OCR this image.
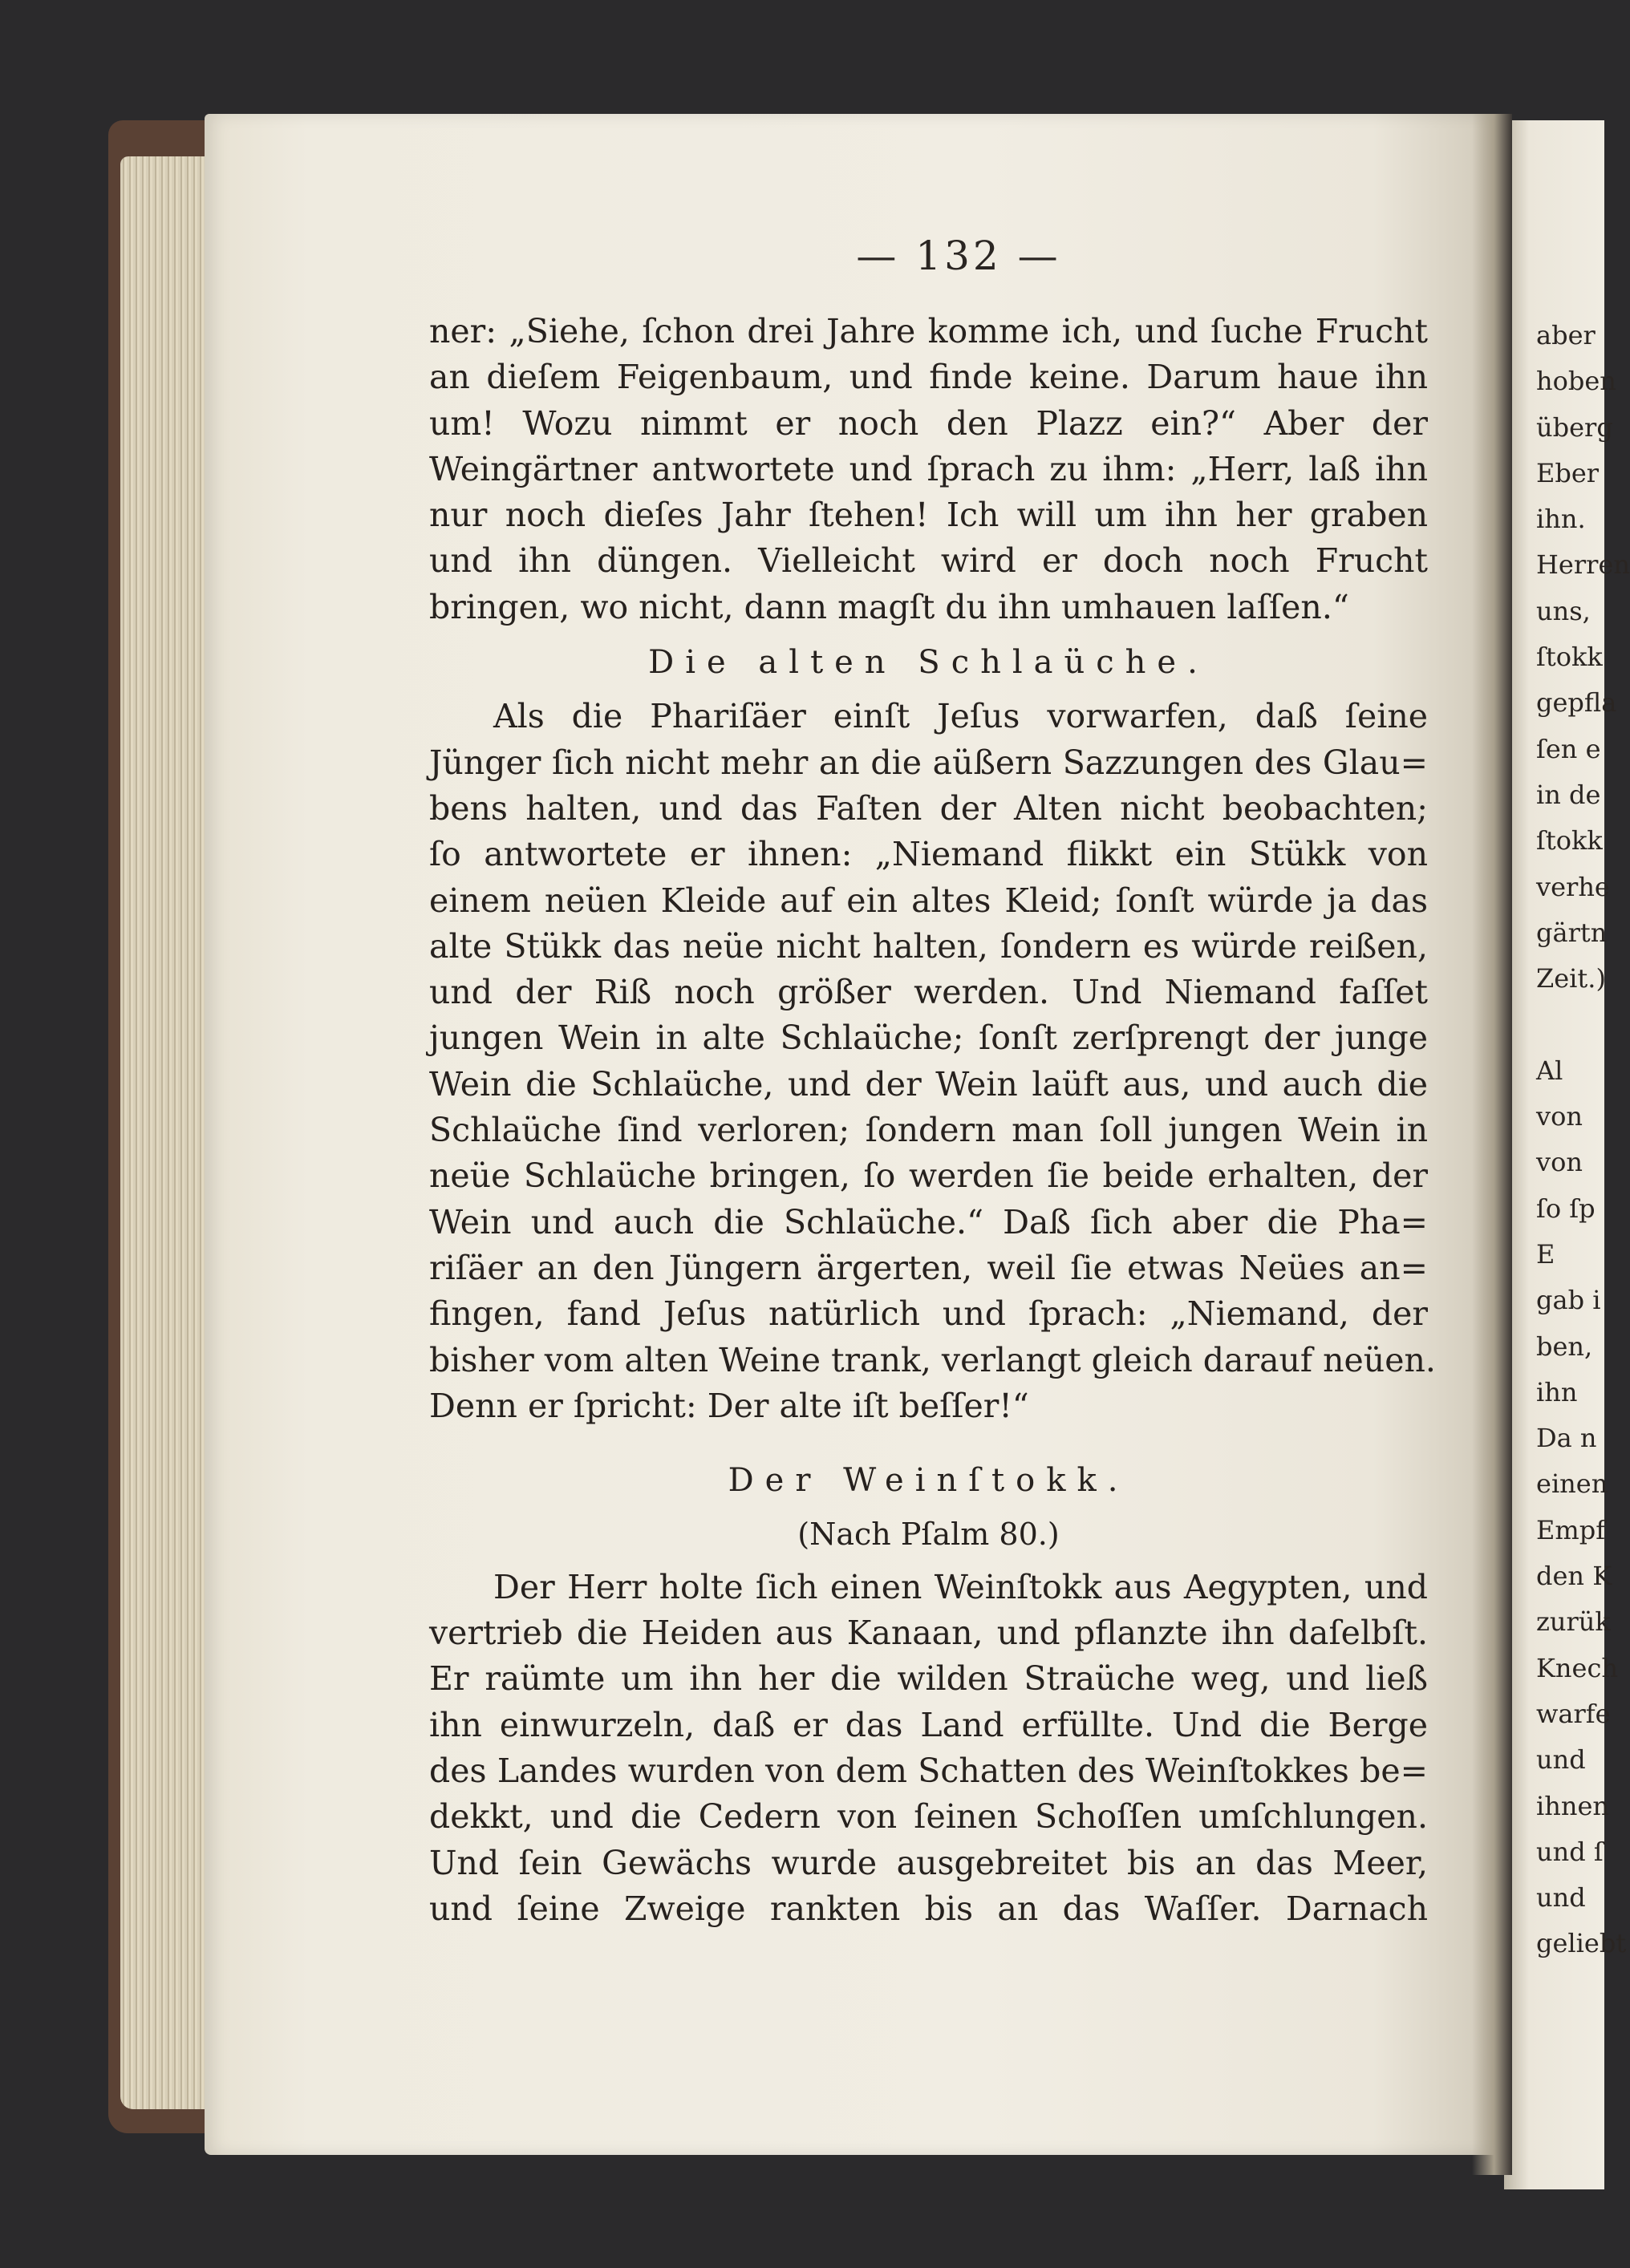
— 132 —
ner: „Siehe, ſchon drei Jahre komme ich, und ſuche Frucht
an dieſem Feigenbaum, und finde keine. Darum haue ihn
um! Wozu nimmt er noch den Plazz ein?“ Aber der
Weingärtner antwortete und ſprach zu ihm: „Herr, laß ihn
nur noch dieſes Jahr ſtehen! Ich will um ihn her graben
und ihn düngen. Vielleicht wird er doch noch Frucht
bringen, wo nicht, dann magſt du ihn umhauen laſſen.“
Die alten Schlaüche.
Als die Phariſäer einſt Jeſus vorwarfen, daß ſeine
Jünger ſich nicht mehr an die aüßern Sazzungen des Glau=
bens halten, und das Faſten der Alten nicht beobachten;
ſo antwortete er ihnen: „Niemand flikkt ein Stükk von
einem neüen Kleide auf ein altes Kleid; ſonſt würde ja das
alte Stükk das neüe nicht halten, ſondern es würde reißen,
und der Riß noch größer werden. Und Niemand faſſet
jungen Wein in alte Schlaüche; ſonſt zerſprengt der junge
Wein die Schlaüche, und der Wein laüft aus, und auch die
Schlaüche ſind verloren; ſondern man ſoll jungen Wein in
neüe Schlaüche bringen, ſo werden ſie beide erhalten, der
Wein und auch die Schlaüche.“ Daß ſich aber die Pha=
riſäer an den Jüngern ärgerten, weil ſie etwas Neües an=
fingen, fand Jeſus natürlich und ſprach: „Niemand, der
bisher vom alten Weine trank, verlangt gleich darauf neüen.
Denn er ſpricht: Der alte iſt beſſer!“
Der Weinſtokk.
(Nach Pſalm 80.)
Der Herr holte ſich einen Weinſtokk aus Aegypten, und
vertrieb die Heiden aus Kanaan, und pflanzte ihn daſelbſt.
Er raümte um ihn her die wilden Straüche weg, und ließ
ihn einwurzeln, daß er das Land erfüllte. Und die Berge
des Landes wurden von dem Schatten des Weinſtokkes be=
dekkt, und die Cedern von ſeinen Schoſſen umſchlungen.
Und ſein Gewächs wurde ausgebreitet bis an das Meer,
und ſeine Zweige rankten bis an das Waſſer. Darnach
aber
hoben
überg
Eber
ihn.
Herren
uns,
ſtokk
gepfla
ſen e
in de
ſtokk
verhe
gärtn
Zeit.)
Al
von
von
ſo ſp
E
gab i
ben,
ihn
Da n
einen
Empf
den K
zurük
Knech
warfe
und
ihnen
und ſ
und
geliebt
